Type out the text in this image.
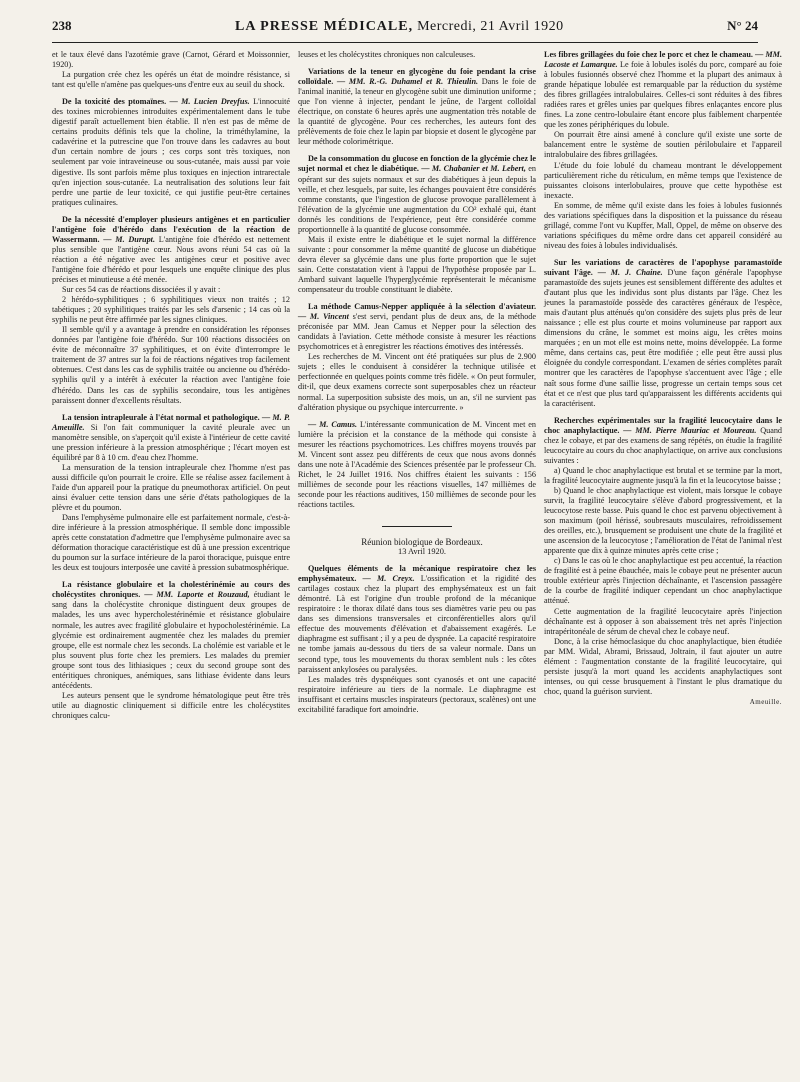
238	LA PRESSE MÉDICALE, Mercredi, 21 Avril 1920	N° 24

et le taux élevé dans l'azotémie grave (Carnot, Gérard et Moissonnier, 1920).

La purgation crée chez les opérés un état de moindre résistance, si tant est qu'elle n'amène pas quelques-uns d'entre eux au seuil du shock.

De la toxicité des ptomaïnes. — M. Lucien Dreyfus. L'innocuité des toxines microbiennes introduites expérimentalement dans le tube digestif paraît actuellement bien établie. Il n'en est pas de même de certains produits définis tels que la choline, la triméthylamine, la cadavérine et la putrescine que l'on trouve dans les cadavres au bout d'un certain nombre de jours ; ces corps sont très toxiques, non seulement par voie intraveineuse ou sous-cutanée, mais aussi par voie digestive. Ils sont parfois même plus toxiques en injection intrarectale qu'en injection sous-cutanée. La neutralisation des solutions leur fait perdre une partie de leur toxicité, ce qui justifie peut-être certaines pratiques culinaires.

De la nécessité d'employer plusieurs antigènes et en particulier l'antigène foie d'hérédo dans l'exécution de la réaction de Wassermann. — M. Durupt. L'antigène foie d'hérédo est nettement plus sensible que l'antigène cœur. Nous avons réuni 54 cas où la réaction a été négative avec les antigènes cœur et positive avec l'antigène foie d'hérédo et pour lesquels une enquête clinique des plus précises et minutieuse a été menée.

Sur ces 54 cas de réactions dissociées il y avait :

2 hérédo-syphilitiques ; 6 syphilitiques vieux non traités ; 12 tabétiques ; 20 syphilitiques traités par les sels d'arsenic ; 14 cas où la syphilis ne peut être affirmée par les signes cliniques.

Il semble qu'il y a avantage à prendre en considération les réponses données par l'antigène foie d'hérédo. Sur 100 réactions dissociées on évite de méconnaître 37 syphilitiques, et on évite d'interrompre le traitement de 37 antres sur la foi de réactions négatives trop facilement obtenues. C'est dans les cas de syphilis traitée ou ancienne ou d'hérédo-syphilis qu'il y a intérêt à exécuter la réaction avec l'antigène foie d'hérédo. Dans les cas de syphilis secondaire, tous les antigènes paraissent donner d'excellents résultats.

La tension intrapleurale à l'état normal et pathologique. — M. P. Ameuille. Si l'on fait communiquer la cavité pleurale avec un manomètre sensible, on s'aperçoit qu'il existe à l'intérieur de cette cavité une pression inférieure à la pression atmosphérique ; l'écart moyen est équilibré par 8 à 10 cm. d'eau chez l'homme.

La mensuration de la tension intrapleurale chez l'homme n'est pas aussi difficile qu'on pourrait le croire. Elle se réalise assez facilement à l'aide d'un appareil pour la pratique du pneumothorax artificiel. On peut ainsi évaluer cette tension dans une série d'états pathologiques de la plèvre et du poumon.

Dans l'emphysème pulmonaire elle est parfaitement normale, c'est-à-dire inférieure à la pression atmosphérique. Il semble donc impossible après cette constatation d'admettre que l'emphysème pulmonaire avec sa déformation thoracique caractéristique est dû à une pression excentrique du poumon sur la surface intérieure de la paroi thoracique, puisque entre les deux est toujours interposée une cavité à pression subatmosphérique.

La résistance globulaire et la cholestérinémie au cours des cholécystites chroniques. — MM. Laporte et Rouzaud, étudiant le sang dans la cholécystite chronique distinguent deux groupes de malades, les uns avec hypercholestérinémie et résistance globulaire normale, les autres avec fragilité globulaire et hypocholestérinémie. La glycémie est ordinairement augmentée chez les malades du premier groupe, elle est normale chez les seconds. La cholémie est variable et le plus souvent plus forte chez les premiers. Les malades du premier groupe sont tous des lithiasiques ; ceux du second groupe sont des entéritiques chroniques, anémiques, sans lithiase évidente dans leurs antécédents.

Les auteurs pensent que le syndrome hématologique peut être très utile au diagnostic cliniquement si difficile entre les cholécystites chroniques calcu-

leuses et les cholécystites chroniques non calculeuses.

Variations de la teneur en glycogène du foie pendant la crise colloïdale. — MM. R.-G. Duhamel et R. Thieulin. Dans le foie de l'animal inanitié, la teneur en glycogène subit une diminution uniforme ; que l'on vienne à injecter, pendant le jeûne, de l'argent colloïdal électrique, on constate 6 heures après une augmentation très notable de la quantité de glycogène. Pour ces recherches, les auteurs font des prélèvements de foie chez le lapin par biopsie et dosent le glycogène par leur méthode colorimétrique.

De la consommation du glucose en fonction de la glycémie chez le sujet normal et chez le diabétique. — M. Chabanier et M. Lebert, en opérant sur des sujets normaux et sur des diabétiques à jeun depuis la veille, et chez lesquels, par suite, les échanges pouvaient être considérés comme constants, que l'ingestion de glucose provoque parallèlement à l'élévation de la glycémie une augmentation du CO² exhalé qui, étant donnés les conditions de l'expérience, peut être considérée comme proportionnelle à la quantité de glucose consommée.

Mais il existe entre le diabétique et le sujet normal la différence suivante : pour consommer la même quantité de glucose un diabétique devra élever sa glycémie dans une plus forte proportion que le sujet sain. Cette constatation vient à l'appui de l'hypothèse proposée par L. Ambard suivant laquelle l'hyperglycémie représenterait le mécanisme compensateur du trouble constituant le diabète.

La méthode Camus-Nepper appliquée à la sélection d'aviateur. — M. Vincent s'est servi, pendant plus de deux ans, de la méthode préconisée par MM. Jean Camus et Nepper pour la sélection des candidats à l'aviation. Cette méthode consiste à mesurer les réactions psychomotrices et à enregistrer les réactions émotives des intéressés.

Les recherches de M. Vincent ont été pratiquées sur plus de 2.900 sujets ; elles le conduisent à considérer la technique utilisée et perfectionnée en quelques points comme très fidèle. « On peut formuler, dit-il, que deux examens correcte sont superposables chez un réacteur normal. La superposition subsiste des mois, un an, s'il ne survient pas d'altération physique ou psychique intercurrente. »

— M. Camus. L'intéressante communication de M. Vincent met en lumière la précision et la constance de la méthode qui consiste à mesurer les réactions psychomotrices. Les chiffres moyens trouvés par M. Vincent sont assez peu différents de ceux que nous avons donnés dans une note à l'Académie des Sciences présentée par le professeur Ch. Richet, le 24 Juillet 1916. Nos chiffres étaient les suivants : 156 millièmes de seconde pour les réactions visuelles, 147 millièmes de seconde pour les réactions auditives, 150 millièmes de seconde pour les réactions tactiles.

Réunion biologique de Bordeaux.

13 Avril 1920.

Quelques éléments de la mécanique respiratoire chez les emphysémateux. — M. Creyx. L'ossification et la rigidité des cartilages costaux chez la plupart des emphysémateux est un fait démontré. Là est l'origine d'un trouble profond de la mécanique respiratoire : le thorax dilaté dans tous ses diamètres varie peu ou pas dans ses dimensions transversales et circonférentielles alors qu'il effectue des mouvements d'élévation et d'abaissement exagérés. Le diaphragme est suffisant ; il y a peu de dyspnée. La capacité respiratoire ne tombe jamais au-dessous du tiers de sa valeur normale. Dans un second type, tous les mouvements du thorax semblent nuls : les côtes paraissent ankylosées ou paralysées.

Les malades très dyspnéiques sont cyanosés et ont une capacité respiratoire inférieure au tiers de la normale. Le diaphragme est insuffisant et certains muscles inspirateurs (pectoraux, scalènes) ont une excitabilité faradique fort amoindrie.

Les fibres grillagées du foie chez le porc et chez le chameau. — MM. Lacoste et Lamarque. Le foie à lobules isolés du porc, comparé au foie à lobules fusionnés observé chez l'homme et la plupart des animaux à grande hépatique lobulée est remarquable par la réduction du système des fibres grillagées intralobulaires. Celles-ci sont réduites à des fibres radiées rares et grêles unies par quelques fibres enlaçantes encore plus fines. La zone centro-lobulaire étant encore plus faiblement charpentée que les zones périphériques du lobule.

On pourrait être ainsi amené à conclure qu'il existe une sorte de balancement entre le système de soutien périlobulaire et l'appareil intralobulaire des fibres grillagées.

L'étude du foie lobulé du chameau montrant le développement particulièrement riche du réticulum, en même temps que l'existence de puissantes cloisons interlobulaires, prouve que cette hypothèse est inexacte.

En somme, de même qu'il existe dans les foies à lobules fusionnés des variations spécifiques dans la disposition et la puissance du réseau grillagé, comme l'ont vu Kupffer, Mall, Oppel, de même on observe des variations spécifiques du même ordre dans cet appareil considéré au niveau des foies à lobules individualisés.

Sur les variations de caractères de l'apophyse paramastoïde suivant l'âge. — M. J. Chaine. D'une façon générale l'apophyse paramastoïde des sujets jeunes est sensiblement différente des adultes et d'autant plus que les individus sont plus distants par l'âge. Chez les jeunes la paramastoïde possède des caractères généraux de l'espèce, mais d'autant plus atténués qu'on considère des sujets plus près de leur naissance ; elle est plus courte et moins volumineuse par rapport aux dimensions du crâne, le sommet est moins aigu, les crêtes moins marquées ; en un mot elle est moins nette, moins développée. La forme même, dans certains cas, peut être modifiée ; elle peut être aussi plus éloignée du condyle correspondant. L'examen de séries complètes paraît montrer que les caractères de l'apophyse s'accentuent avec l'âge ; elle naît sous forme d'une saillie lisse, progresse un certain temps sous cet état et ce n'est que plus tard qu'apparaissent les différents accidents qui la caractérisent.

Recherches expérimentales sur la fragilité leucocytaire dans le choc anaphylactique. — MM. Pierre Mauriac et Moureau. Quand chez le cobaye, et par des examens de sang répétés, on étudie la fragilité leucocytaire au cours du choc anaphylactique, on arrive aux conclusions suivantes :

a) Quand le choc anaphylactique est brutal et se termine par la mort, la fragilité leucocytaire augmente jusqu'à la fin et la leucocytose baisse ;

b) Quand le choc anaphylactique est violent, mais lorsque le cobaye survit, la fragilité leucocytaire s'élève d'abord progressivement, et la leucocytose reste basse. Puis quand le choc est parvenu objectivement à son maximum (poil hérissé, soubresauts musculaires, refroidissement des oreilles, etc.), brusquement se produisent une chute de la fragilité et une ascension de la leucocytose ; l'amélioration de l'état de l'animal n'est apparente que dix à quinze minutes après cette crise ;

c) Dans le cas où le choc anaphylactique est peu accentué, la réaction de fragilité est à peine ébauchée, mais le cobaye peut ne présenter aucun trouble extérieur après l'injection déchaînante, et l'ascension passagère de la courbe de fragilité indiquer cependant un choc anaphylactique atténué.

Cette augmentation de la fragilité leucocytaire après l'injection déchaînante est à opposer à son abaissement très net après l'injection intrapéritonéale de sérum de cheval chez le cobaye neuf.

Donc, à la crise hémoclasique du choc anaphylactique, bien étudiée par MM. Widal, Abrami, Brissaud, Joltrain, il faut ajouter un autre élément : l'augmentation constante de la fragilité leucocytaire, qui persiste jusqu'à la mort quand les accidents anaphylactiques sont intenses, ou qui cesse brusquement à l'instant le plus dramatique du choc, quand la guérison survient.

Ameuille.
